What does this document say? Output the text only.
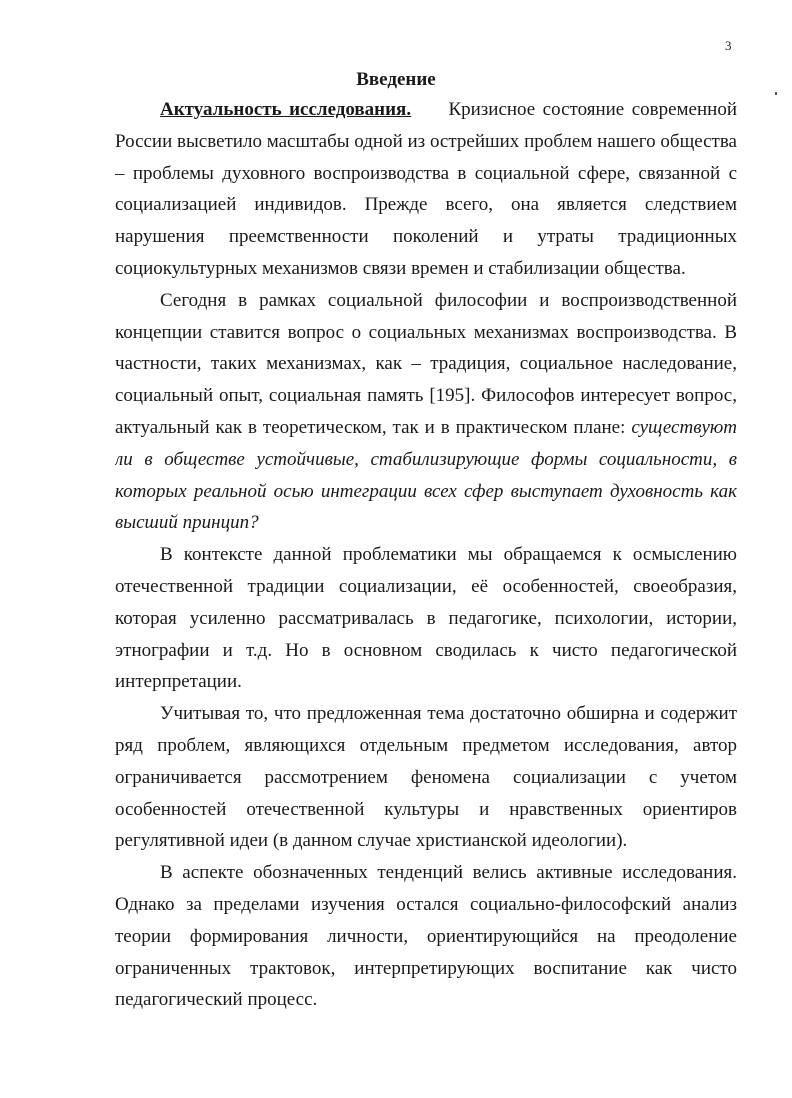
3
Введение
Актуальность исследования.     Кризисное состояние современной
России высветило масштабы одной из острейших проблем нашего общества
– проблемы духовного воспроизводства в социальной сфере, связанной с
социализацией индивидов. Прежде всего, она является следствием
нарушения преемственности поколений и утраты традиционных
социокультурных механизмов связи времен и стабилизации общества.
Сегодня в рамках социальной философии и воспроизводственной
концепции ставится вопрос о социальных механизмах воспроизводства. В
частности, таких механизмах, как – традиция, социальное наследование,
социальный опыт, социальная память [195]. Философов интересует вопрос,
актуальный как в теоретическом, так и в практическом плане: существуют
ли в обществе устойчивые, стабилизирующие формы социальности, в
которых реальной осью интеграции всех сфер выступает духовность как
высший принцип?
В контексте данной проблематики мы обращаемся к осмыслению
отечественной традиции социализации, её особенностей, своеобразия,
которая усиленно рассматривалась в педагогике, психологии, истории,
этнографии и т.д. Но в основном сводилась к чисто педагогической
интерпретации.
Учитывая то, что предложенная тема достаточно обширна и содержит
ряд проблем, являющихся отдельным предметом исследования, автор
ограничивается рассмотрением феномена социализации с учетом
особенностей отечественной культуры и нравственных ориентиров
регулятивной идеи (в данном случае христианской идеологии).
В аспекте обозначенных тенденций велись активные исследования.
Однако за пределами изучения остался социально-философский анализ
теории формирования личности, ориентирующийся на преодоление
ограниченных трактовок, интерпретирующих воспитание как чисто
педагогический процесс.
